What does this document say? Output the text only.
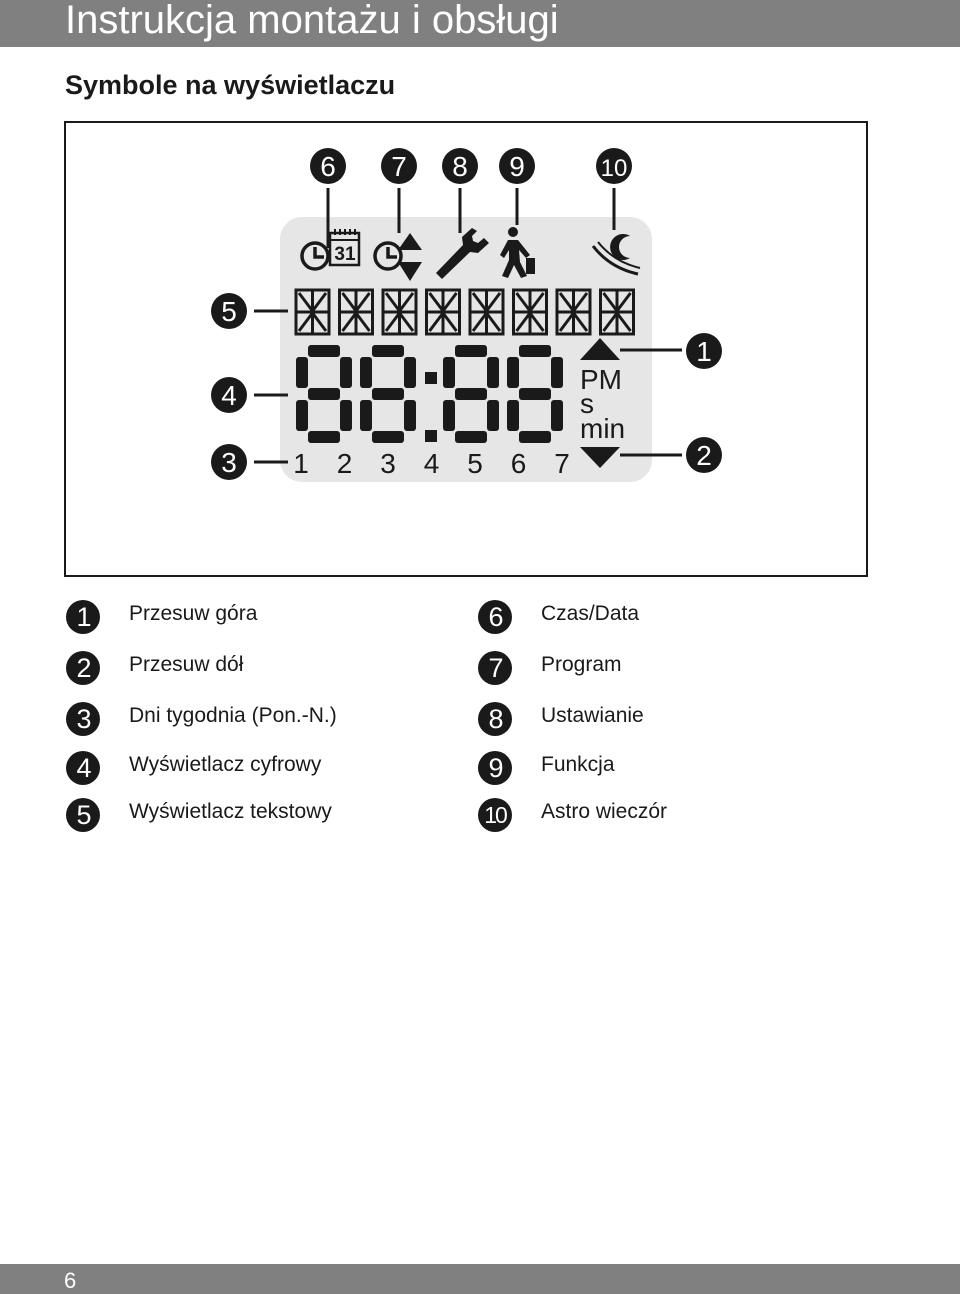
Instrukcja montażu i obsługi
Symbole na wyświetlaczu
1
2
3
4
5
6 7 8 9	10
31
88:88
PM
s
min
1 2 3 4 5 6 7
1	Przesuw góra
2	Przesuw dół
3	Dni tygodnia (Pon.-N.)
4	Wyświetlacz cyfrowy
5	Wyświetlacz tekstowy
6	Czas/Data
7	Program
8	Ustawianie
9	Funkcja
10 Astro wieczór
6
